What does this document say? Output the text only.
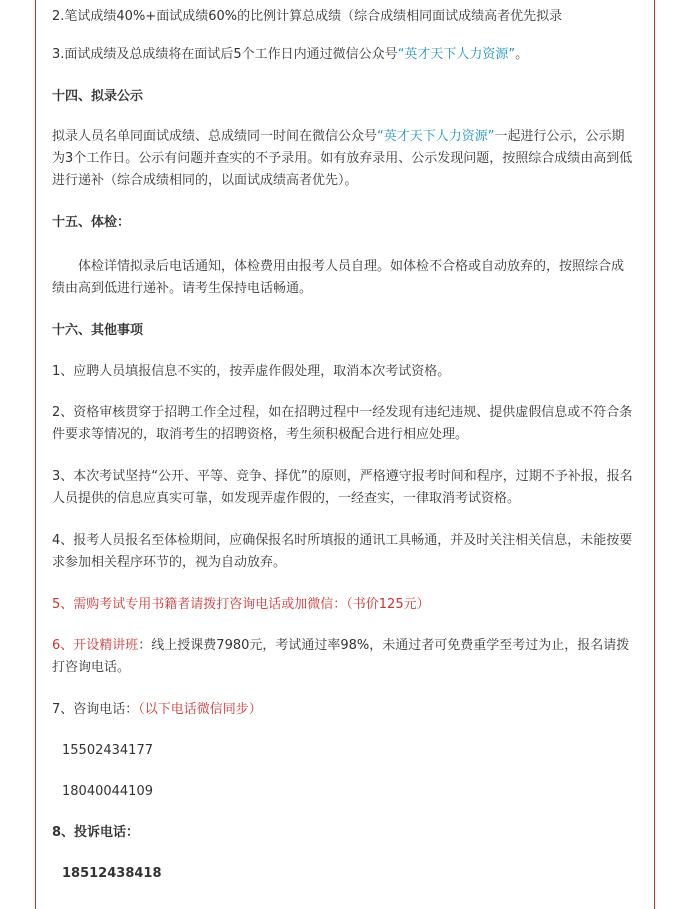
2.笔试成绩40%+面试成绩60%的比例计算总成绩（综合成绩相同面试成绩高者优先拟录

3.面试成绩及总成绩将在面试后5个工作日内通过微信公众号“英才天下人力资源”。

十四、拟录公示

拟录人员名单同面试成绩、总成绩同一时间在微信公众号“英才天下人力资源”一起进行公示，公示期为3个工作日。公示有问题并查实的不予录用。如有放弃录用、公示发现问题，按照综合成绩由高到低进行递补（综合成绩相同的，以面试成绩高者优先）。

十五、体检：

体检详情拟录后电话通知，体检费用由报考人员自理。如体检不合格或自动放弃的，按照综合成绩由高到低进行递补。请考生保持电话畅通。

十六、其他事项

1、应聘人员填报信息不实的，按弄虚作假处理，取消本次考试资格。

2、资格审核贯穿于招聘工作全过程，如在招聘过程中一经发现有违纪违规、提供虚假信息或不符合条件要求等情况的，取消考生的招聘资格，考生须积极配合进行相应处理。

3、本次考试坚持“公开、平等、竞争、择优”的原则，严格遵守报考时间和程序，过期不予补报，报名人员提供的信息应真实可靠，如发现弄虚作假的，一经查实，一律取消考试资格。

4、报考人员报名至体检期间，应确保报名时所填报的通讯工具畅通，并及时关注相关信息，未能按要求参加相关程序环节的，视为自动放弃。

5、需购考试专用书籍者请拨打咨询电话或加微信：（书价125元）

6、开设精讲班：线上授课费7980元，考试通过率98%，未通过者可免费重学至考过为止，报名请拨打咨询电话。

7、咨询电话：（以下电话微信同步）

15502434177

18040044109

8、投诉电话：

18512438418
